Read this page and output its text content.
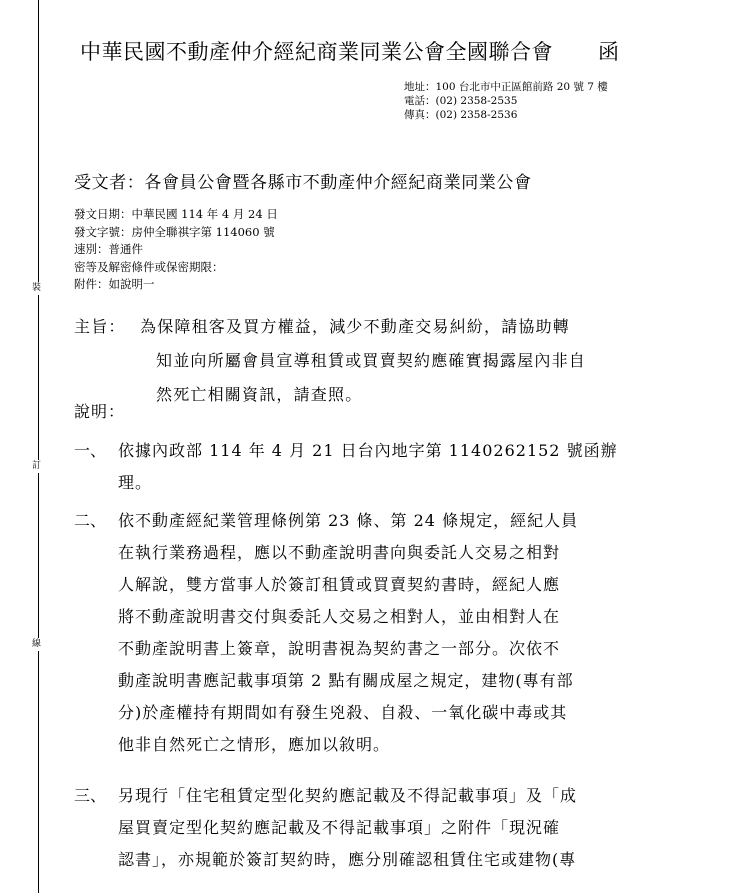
裝
訂
線
中華民國不動產仲介經紀商業同業公會全國聯合會 函
地址：100 台北市中正區館前路 20 號 7 樓
電話：(02) 2358-2535
傳真：(02) 2358-2536
受文者：各會員公會暨各縣市不動產仲介經紀商業同業公會
發文日期：中華民國 114 年 4 月 24 日
發文字號：房仲全聯祺字第 114060 號
速別：普通件
密等及解密條件或保密期限：
附件：如說明一
主旨： 為保障租客及買方權益，減少不動產交易糾紛，請協助轉
知並向所屬會員宣導租賃或買賣契約應確實揭露屋內非自
然死亡相關資訊，請查照。
說明：
一、 依據內政部 114 年 4 月 21 日台內地字第 1140262152 號函辦
理。
二、 依不動產經紀業管理條例第 23 條、第 24 條規定，經紀人員
在執行業務過程，應以不動產說明書向與委託人交易之相對
人解說，雙方當事人於簽訂租賃或買賣契約書時，經紀人應
將不動產說明書交付與委託人交易之相對人，並由相對人在
不動產說明書上簽章，說明書視為契約書之一部分。次依不
動產說明書應記載事項第 2 點有關成屋之規定，建物(專有部
分)於產權持有期間如有發生兇殺、自殺、一氧化碳中毒或其
他非自然死亡之情形，應加以敘明。
三、 另現行「住宅租賃定型化契約應記載及不得記載事項」及「成
屋買賣定型化契約應記載及不得記載事項」之附件「現況確
認書」，亦規範於簽訂契約時，應分別確認租賃住宅或建物(專
